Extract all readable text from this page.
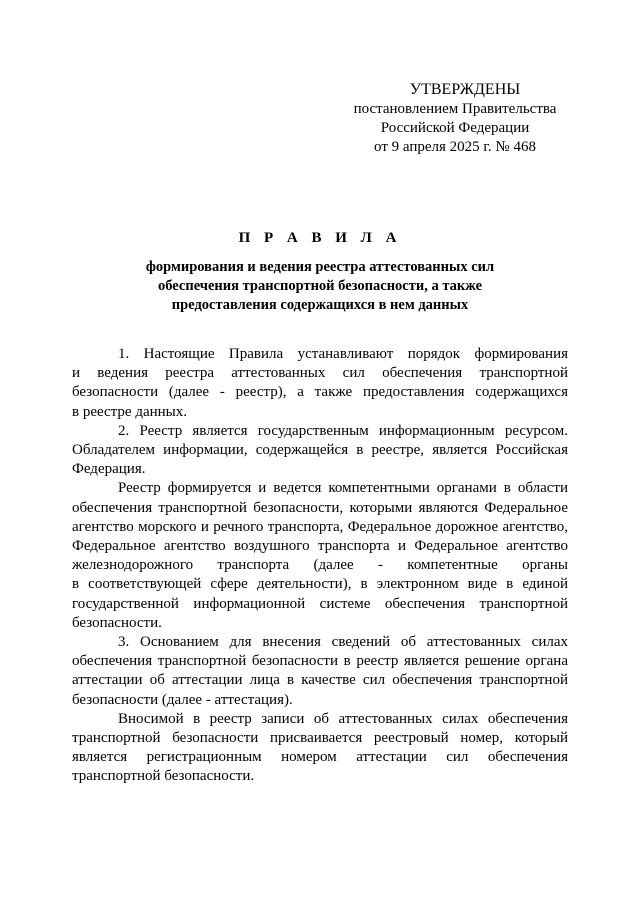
УТВЕРЖДЕНЫ
постановлением Правительства
Российской Федерации
от 9 апреля 2025 г. № 468
П Р А В И Л А
формирования и ведения реестра аттестованных сил
обеспечения транспортной безопасности, а также
предоставления содержащихся в нем данных

1. Настоящие Правила устанавливают порядок формирования
и ведения реестра аттестованных сил обеспечения транспортной
безопасности (далее - реестр), а также предоставления содержащихся
в реестре данных.

2. Реестр является государственным информационным ресурсом.
Обладателем информации, содержащейся в реестре, является Российская
Федерация.

Реестр формируется и ведется компетентными органами в области
обеспечения транспортной безопасности, которыми являются Федеральное
агентство морского и речного транспорта, Федеральное дорожное агентство,
Федеральное агентство воздушного транспорта и Федеральное агентство
железнодорожного транспорта (далее - компетентные органы
в соответствующей сфере деятельности), в электронном виде в единой
государственной информационной системе обеспечения транспортной
безопасности.

3. Основанием для внесения сведений об аттестованных силах
обеспечения транспортной безопасности в реестр является решение органа
аттестации об аттестации лица в качестве сил обеспечения транспортной
безопасности (далее - аттестация).

Вносимой в реестр записи об аттестованных силах обеспечения
транспортной безопасности присваивается реестровый номер, который
является регистрационным номером аттестации сил обеспечения
транспортной безопасности.
